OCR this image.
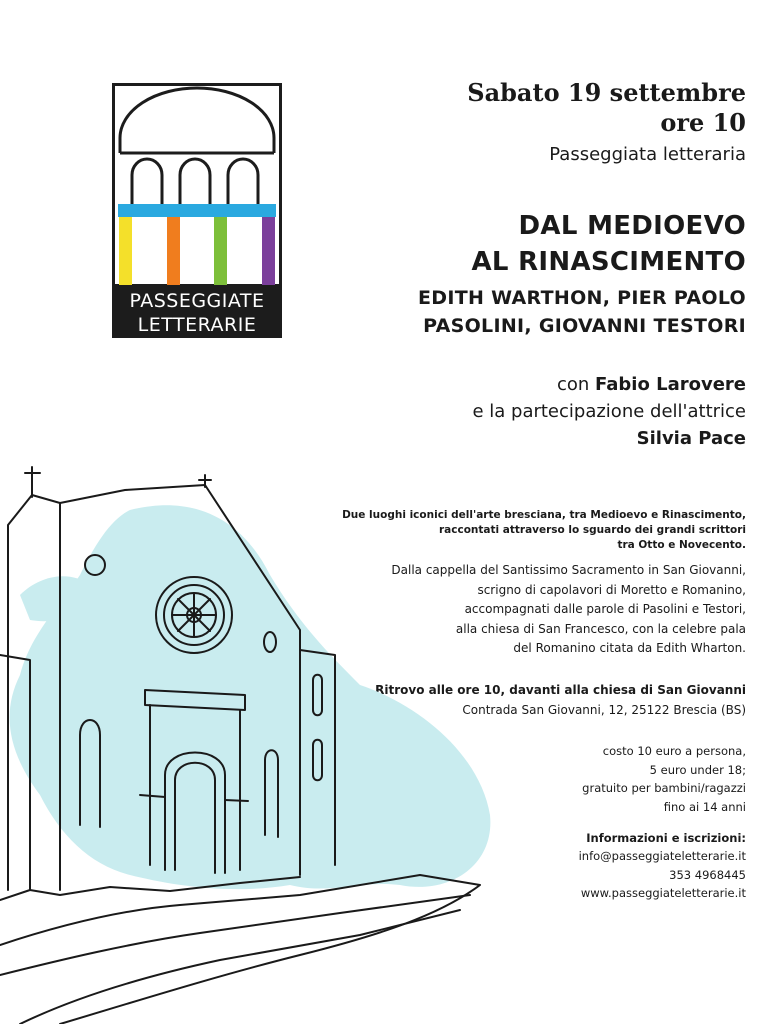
PASSEGGIATE
LETTERARIE
Sabato 19 settembre
ore 10
Passeggiata letteraria
DAL MEDIOEVO
AL RINASCIMENTO
EDITH WARTHON, PIER PAOLO
PASOLINI, GIOVANNI TESTORI
con Fabio Larovere
e la partecipazione dell'attrice
Silvia Pace
Due luoghi iconici dell'arte bresciana, tra Medioevo e Rinascimento,
raccontati attraverso lo sguardo dei grandi scrittori
tra Otto e Novecento.
Dalla cappella del Santissimo Sacramento in San Giovanni,
scrigno di capolavori di Moretto e Romanino,
accompagnati dalle parole di Pasolini e Testori,
alla chiesa di San Francesco, con la celebre pala
del Romanino citata da Edith Wharton.
Ritrovo alle ore 10, davanti alla chiesa di San Giovanni
Contrada San Giovanni, 12, 25122 Brescia (BS)
costo 10 euro a persona,
5 euro under 18;
gratuito per bambini/ragazzi
fino ai 14 anni
Informazioni e iscrizioni:
info@passeggiateletterarie.it
353 4968445
www.passeggiateletterarie.it
